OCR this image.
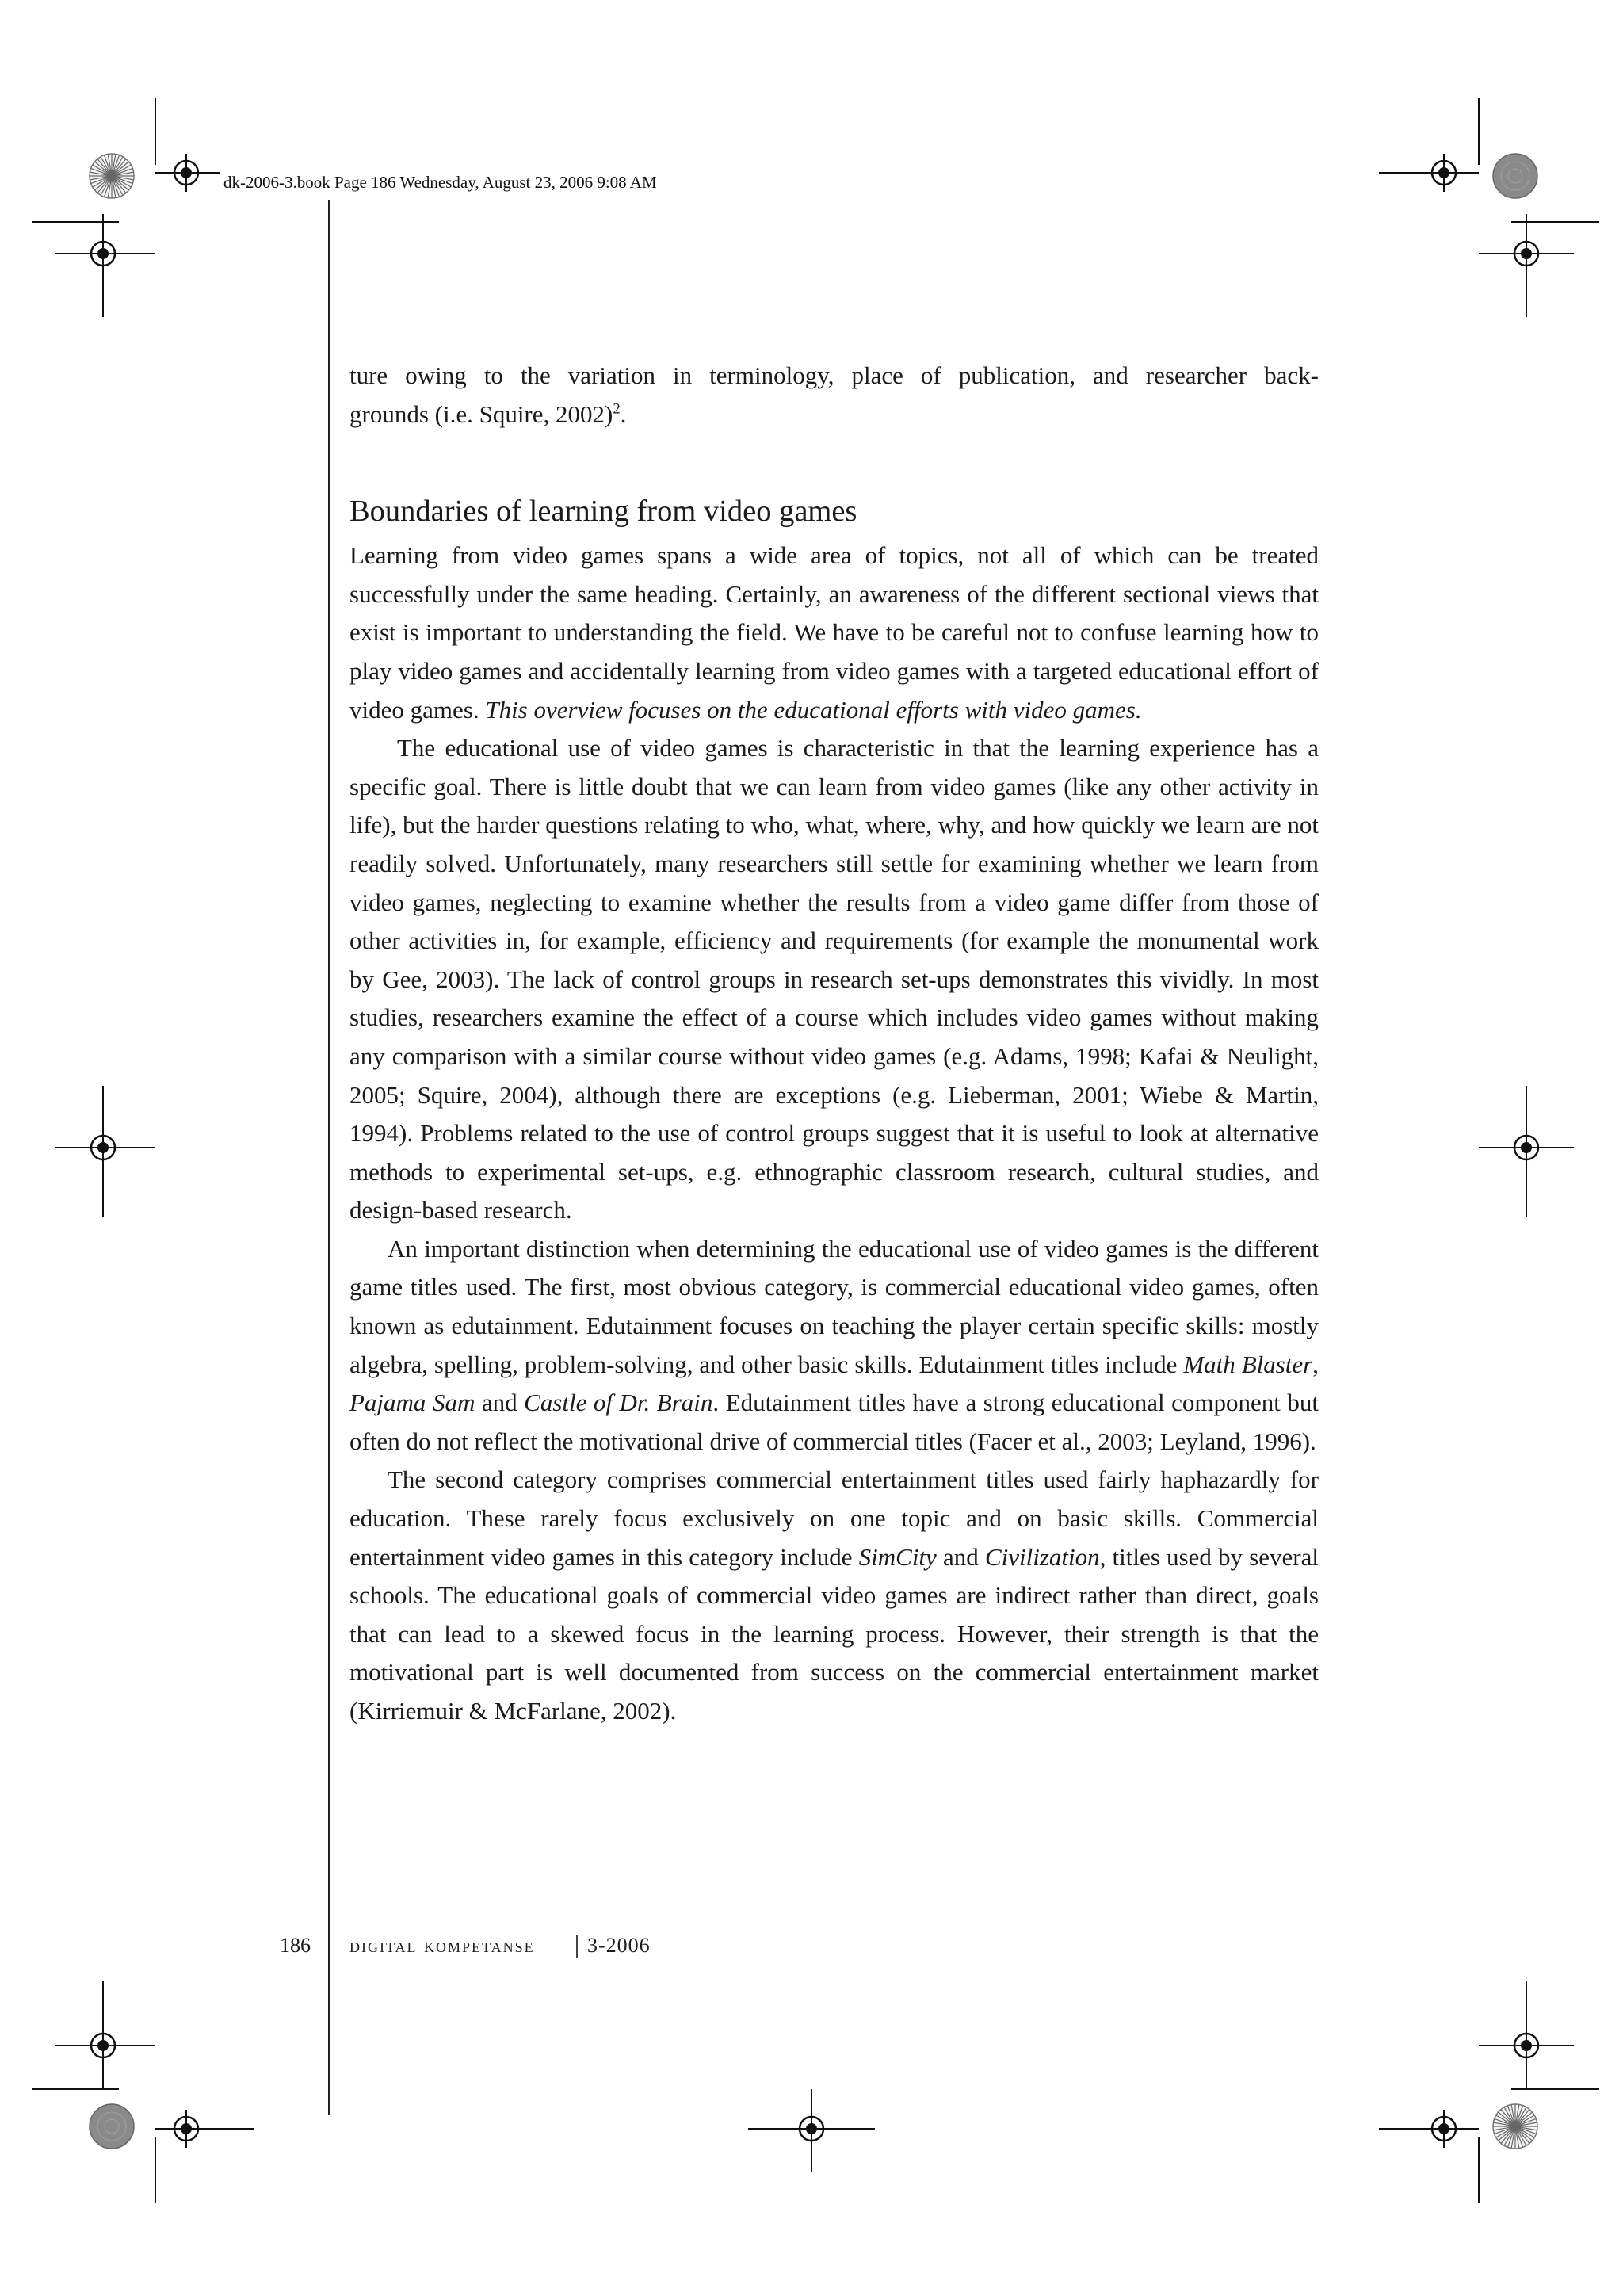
dk-2006-3.book Page 186 Wednesday, August 23, 2006 9:08 AM

ture owing to the variation in terminology, place of publication, and researcher back-

grounds (i.e. Squire, 2002)$^2$.

Boundaries of learning from video games

Learning from video games spans a wide area of topics, not all of which can be treated successfully under the same heading. Certainly, an awareness of the different sectional views that exist is important to understanding the field. We have to be careful not to confuse learning how to play video games and accidentally learning from video games with a targeted educational effort of video games. This overview focuses on the educational efforts with video games.

The educational use of video games is characteristic in that the learning experience has a specific goal. There is little doubt that we can learn from video games (like any other activity in life), but the harder questions relating to who, what, where, why, and how quickly we learn are not readily solved. Unfortunately, many researchers still settle for examining whether we learn from video games, neglecting to examine whether the results from a video game differ from those of other activities in, for example, efficiency and requirements (for example the monumental work by Gee, 2003). The lack of control groups in research set-ups demonstrates this vividly. In most studies, researchers examine the effect of a course which includes video games without making any comparison with a similar course without video games (e.g. Adams, 1998; Kafai & Neulight, 2005; Squire, 2004), although there are exceptions (e.g. Lieberman, 2001; Wiebe & Martin, 1994). Problems related to the use of control groups suggest that it is useful to look at alternative methods to experimental set-ups, e.g. ethnographic classroom research, cultural studies, and design-based research.

An important distinction when determining the educational use of video games is the different game titles used. The first, most obvious category, is commercial educational video games, often known as edutainment. Edutainment focuses on teaching the player certain specific skills: mostly algebra, spelling, problem-solving, and other basic skills. Edutainment titles include Math Blaster, Pajama Sam and Castle of Dr. Brain. Edutainment titles have a strong educational component but often do not reflect the motivational drive of commercial titles (Facer et al., 2003; Leyland, 1996).

The second category comprises commercial entertainment titles used fairly haphazardly for education. These rarely focus exclusively on one topic and on basic skills. Commercial entertainment video games in this category include SimCity and Civilization, titles used by several schools. The educational goals of commercial video games are indirect rather than direct, goals that can lead to a skewed focus in the learning process. However, their strength is that the motivational part is well documented from success on the commercial entertainment market (Kirriemuir & McFarlane, 2002).

186 digital kompetanse	3-2006
